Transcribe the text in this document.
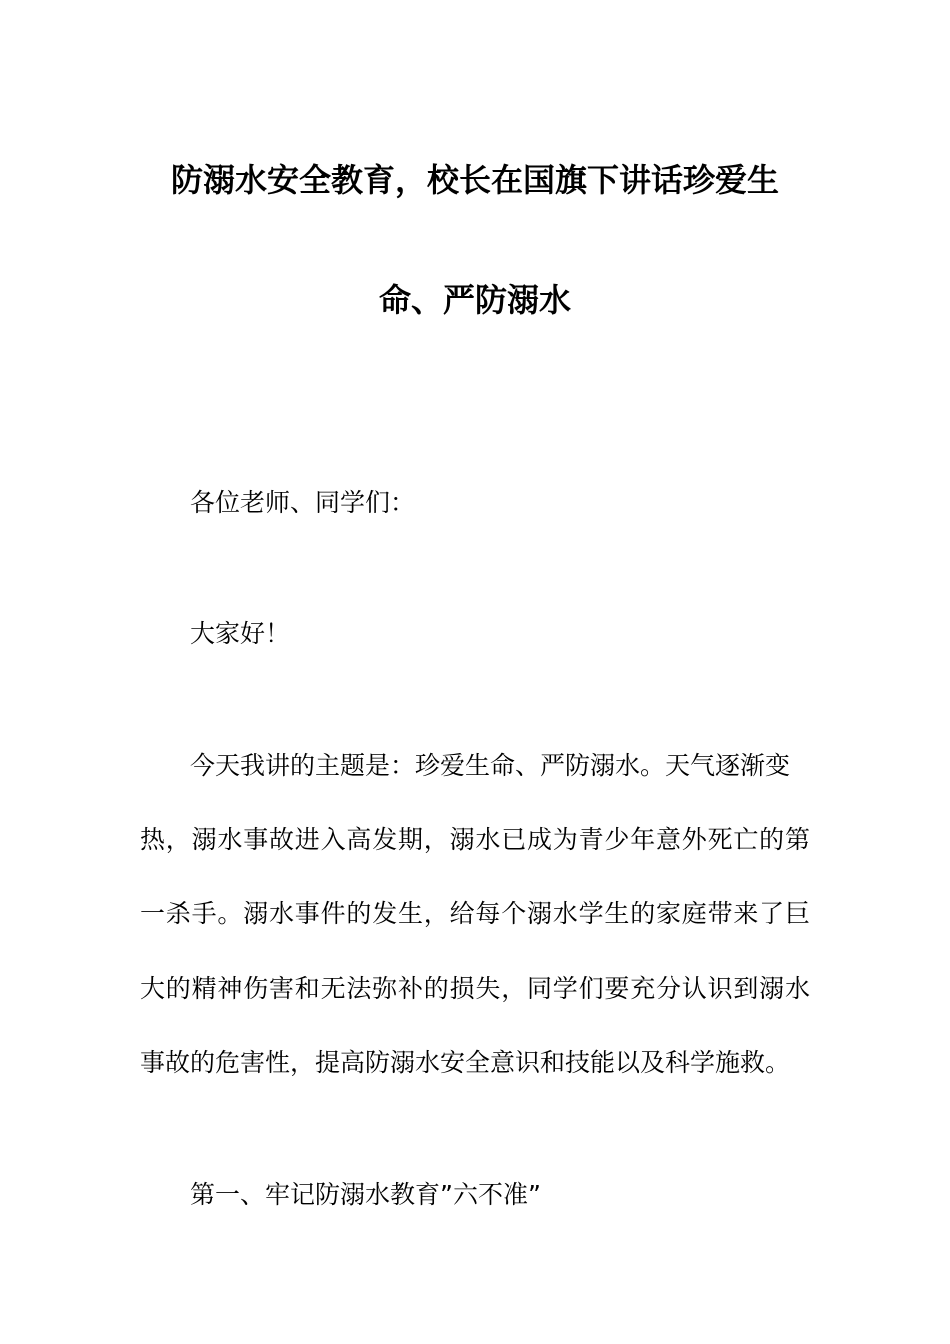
防溺水安全教育，校长在国旗下讲话珍爱生
命、严防溺水
各位老师、同学们：
大家好！
今天我讲的主题是：珍爱生命、严防溺水。天气逐渐变
热，溺水事故进入高发期，溺水已成为青少年意外死亡的第
一杀手。溺水事件的发生，给每个溺水学生的家庭带来了巨
大的精神伤害和无法弥补的损失，同学们要充分认识到溺水
事故的危害性，提高防溺水安全意识和技能以及科学施救。
第一、牢记防溺水教育”六不准”
